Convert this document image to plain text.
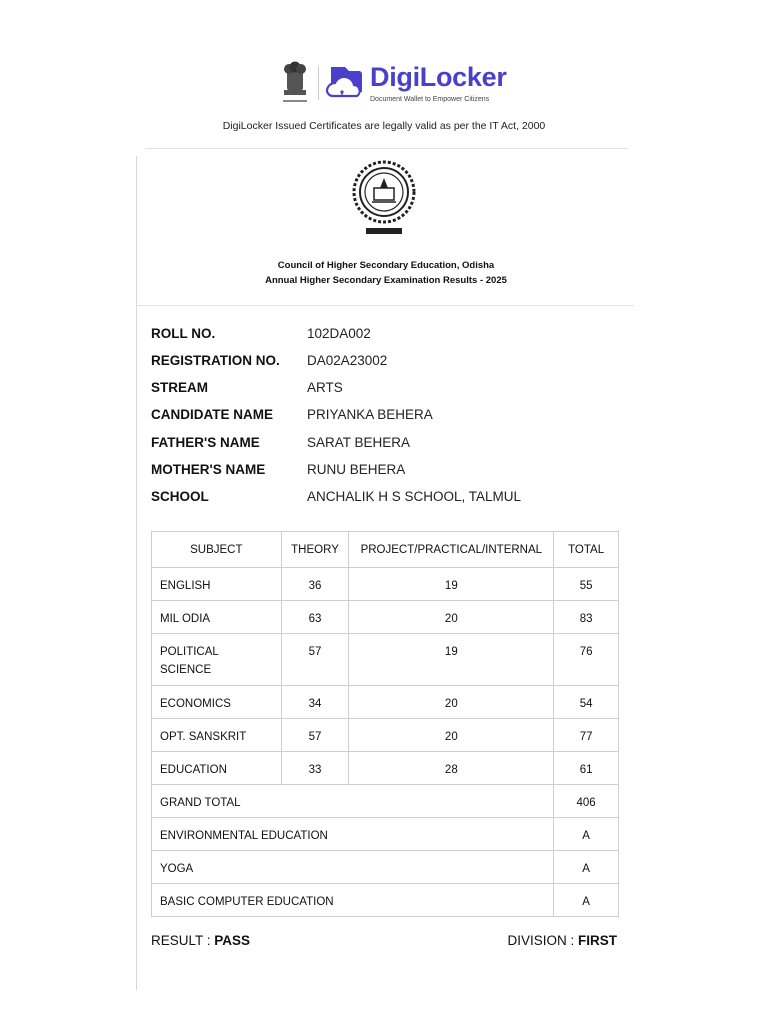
DigiLocker
Document Wallet to Empower Citizens
DigiLocker Issued Certificates are legally valid as per the IT Act, 2000
Council of Higher Secondary Education, Odisha
Annual Higher Secondary Examination Results - 2025
ROLL NO.	102DA002
REGISTRATION NO. DA02A23002
STREAM	ARTS
CANDIDATE NAME	PRIYANKA BEHERA
FATHER'S NAME	SARAT BEHERA
MOTHER'S NAME	RUNU BEHERA
SCHOOL	ANCHALIK H S SCHOOL, TALMUL
SUBJECT	THEORY	PROJECT/PRACTICAL/INTERNAL	TOTAL
ENGLISH	36	19	55
MIL ODIA	63	20	83
POLITICAL SCIENCE	57	19	76
ECONOMICS	34	20	54
OPT. SANSKRIT	57	20	77
EDUCATION	33	28	61
GRAND TOTAL			406
ENVIRONMENTAL EDUCATION			A
YOGA			A
BASIC COMPUTER EDUCATION			A
RESULT : PASS	DIVISION : FIRST
